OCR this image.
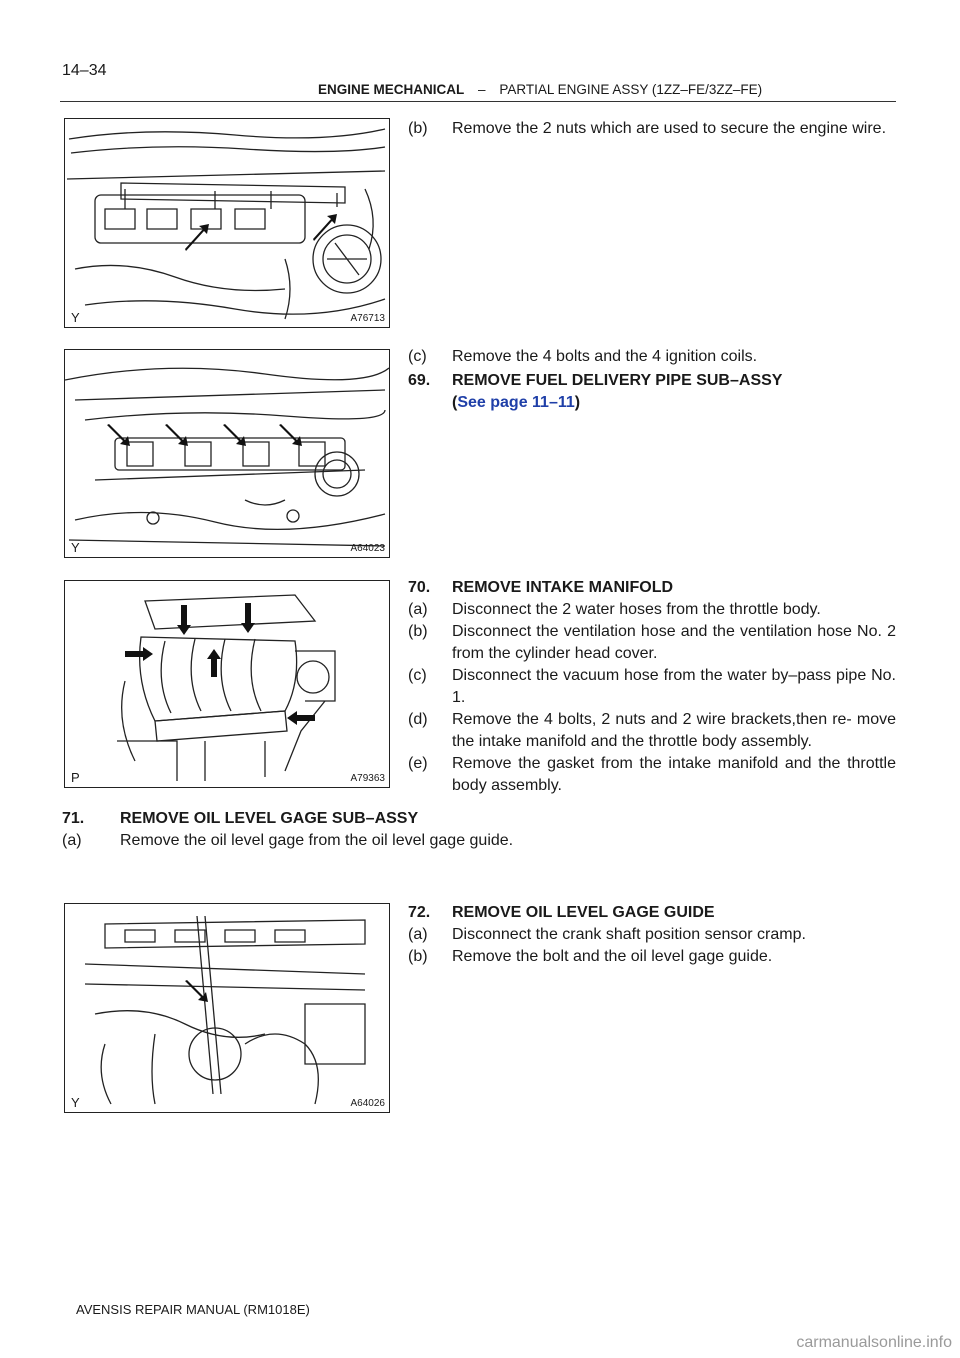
14–34
ENGINE MECHANICAL – PARTIAL ENGINE ASSY (1ZZ–FE/3ZZ–FE)
Y	A76713
Y	A64023
P	A79363
Y	A64026
(b)	Remove the 2 nuts which are used to secure the engine wire.
(c)	Remove the 4 bolts and the 4 ignition coils.
69.	REMOVE FUEL DELIVERY PIPE SUB–ASSY
(See page 11–11)
70.	REMOVE INTAKE MANIFOLD
(a)	Disconnect the 2 water hoses from the throttle body.
(b)	Disconnect the ventilation hose and the ventilation hose No. 2 from the cylinder head cover.
(c)	Disconnect the vacuum hose from the water by–pass pipe No. 1.
(d)	Remove the 4 bolts, 2 nuts and 2 wire brackets,then re- move the intake manifold and the throttle body assembly.
(e)	Remove the gasket from the intake manifold and the throttle body assembly.
71.	REMOVE OIL LEVEL GAGE SUB–ASSY
(a)	Remove the oil level gage from the oil level gage guide.
72.	REMOVE OIL LEVEL GAGE GUIDE
(a)	Disconnect the crank shaft position sensor cramp.
(b)	Remove the bolt and the oil level gage guide.
AVENSIS REPAIR MANUAL (RM1018E)
carmanualsonline.info
